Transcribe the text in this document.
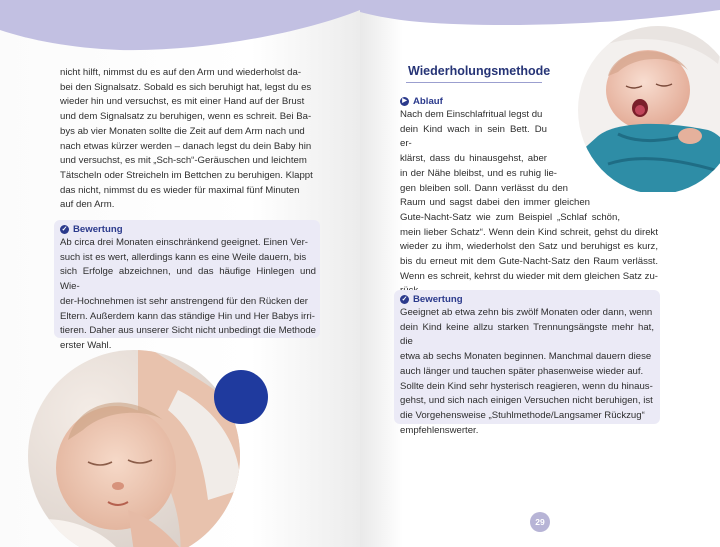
nicht hilft, nimmst du es auf den Arm und wiederholst da-
bei den Signalsatz. Sobald es sich beruhigt hat, legst du es
wieder hin und versuchst, es mit einer Hand auf der Brust
und dem Signalsatz zu beruhigen, wenn es schreit. Bei Ba-
bys ab vier Monaten sollte die Zeit auf dem Arm nach und
nach etwas kürzer werden – danach legst du dein Baby hin
und versuchst, es mit „Sch-sch“-Geräuschen und leichtem
Tätscheln oder Streicheln im Bettchen zu beruhigen. Klappt
das nicht, nimmst du es wieder für maximal fünf Minuten
auf den Arm.
✓ Bewertung
Ab circa drei Monaten einschränkend geeignet. Einen Ver-
such ist es wert, allerdings kann es eine Weile dauern, bis
sich Erfolge abzeichnen, und das häufige Hinlegen und Wie-
der-Hochnehmen ist sehr anstrengend für den Rücken der
Eltern. Außerdem kann das ständige Hin und Her Babys irri-
tieren. Daher aus unserer Sicht nicht unbedingt die Methode
erster Wahl.
Wiederholungsmethode
▶ Ablauf
Nach dem Einschlafritual legst du
dein Kind wach in sein Bett. Du er-
klärst, dass du hinausgehst, aber
in der Nähe bleibst, und es ruhig lie-
gen bleiben soll. Dann verlässt du den
Raum und sagst dabei den immer gleichen
Gute-Nacht-Satz wie zum Beispiel „Schlaf schön,
mein lieber Schatz“. Wenn dein Kind schreit, gehst du direkt
wieder zu ihm, wiederholst den Satz und beruhigst es kurz,
bis du erneut mit dem Gute-Nacht-Satz den Raum verlässt.
Wenn es schreit, kehrst du wieder mit dem gleichen Satz zu-
✓ Bewertung
Geeignet ab etwa zehn bis zwölf Monaten oder dann, wenn
dein Kind keine allzu starken Trennungsängste mehr hat, die
etwa ab sechs Monaten beginnen. Manchmal dauern diese
auch länger und tauchen später phasenweise wieder auf.
Sollte dein Kind sehr hysterisch reagieren, wenn du hinaus-
gehst, und sich nach einigen Versuchen nicht beruhigen, ist
die Vorgehensweise „Stuhlmethode/Langsamer Rückzug“
empfehlenswerter.
29
